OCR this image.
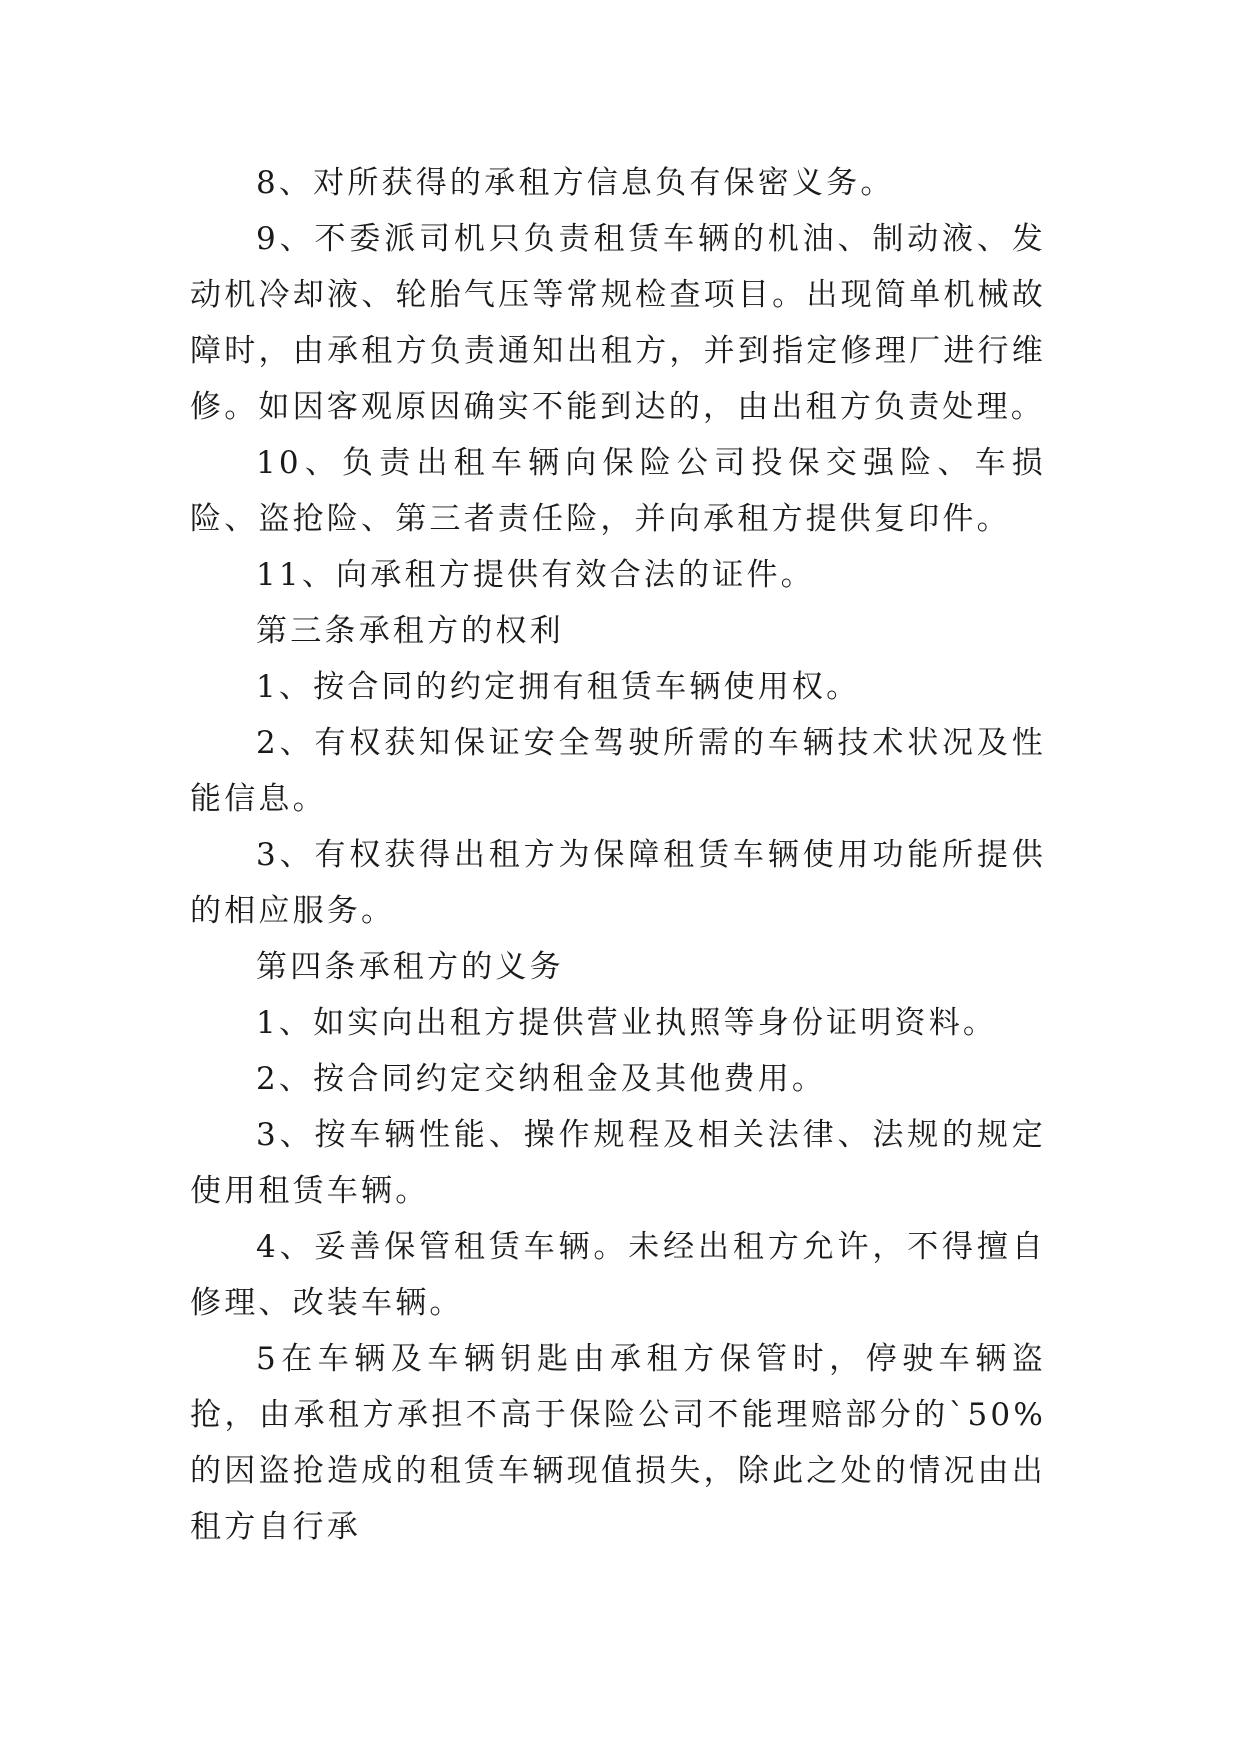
8、对所获得的承租方信息负有保密义务。

9、不委派司机只负责租赁车辆的机油、制动液、发动机冷却液、轮胎气压等常规检查项目。出现简单机械故障时，由承租方负责通知出租方，并到指定修理厂进行维修。如因客观原因确实不能到达的，由出租方负责处理。

10、负责出租车辆向保险公司投保交强险、车损险、盗抢险、第三者责任险，并向承租方提供复印件。

11、向承租方提供有效合法的证件。

第三条承租方的权利

1、按合同的约定拥有租赁车辆使用权。

2、有权获知保证安全驾驶所需的车辆技术状况及性能信息。

3、有权获得出租方为保障租赁车辆使用功能所提供的相应服务。

第四条承租方的义务

1、如实向出租方提供营业执照等身份证明资料。

2、按合同约定交纳租金及其他费用。

3、按车辆性能、操作规程及相关法律、法规的规定使用租赁车辆。

4、妥善保管租赁车辆。未经出租方允许，不得擅自修理、改装车辆。

5在车辆及车辆钥匙由承租方保管时，停驶车辆盗抢，由承租方承担不高于保险公司不能理赔部分的`50%的因盗抢造成的租赁车辆现值损失，除此之处的情况由出租方自行承
